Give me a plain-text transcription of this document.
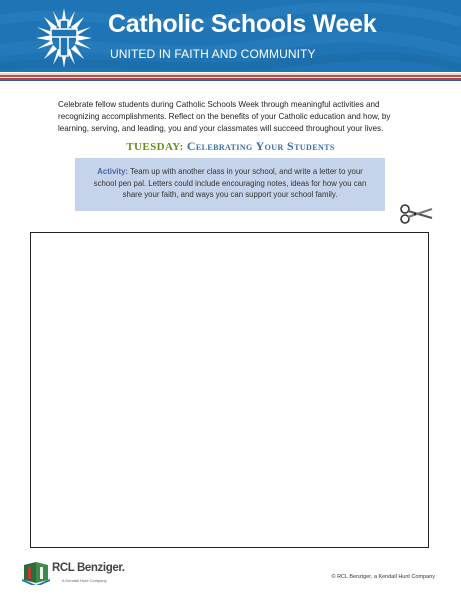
Catholic Schools Week

UNITED IN FAITH AND COMMUNITY

Celebrate fellow students during Catholic Schools Week through meaningful activities and recognizing accomplishments. Reflect on the benefits of your Catholic education and how, by learning, serving, and leading, you and your classmates will succeed throughout your lives.

TUESDAY: Celebrating Your Students
Activity: Team up with another class in your school, and write a letter to your school pen pal. Letters could include encouraging notes, ideas for how you can share your faith, and ways you can support your school family.
RCL Benziger.
A Kendall Hunt Company
© RCL Benziger, a Kendall Hunt Company
